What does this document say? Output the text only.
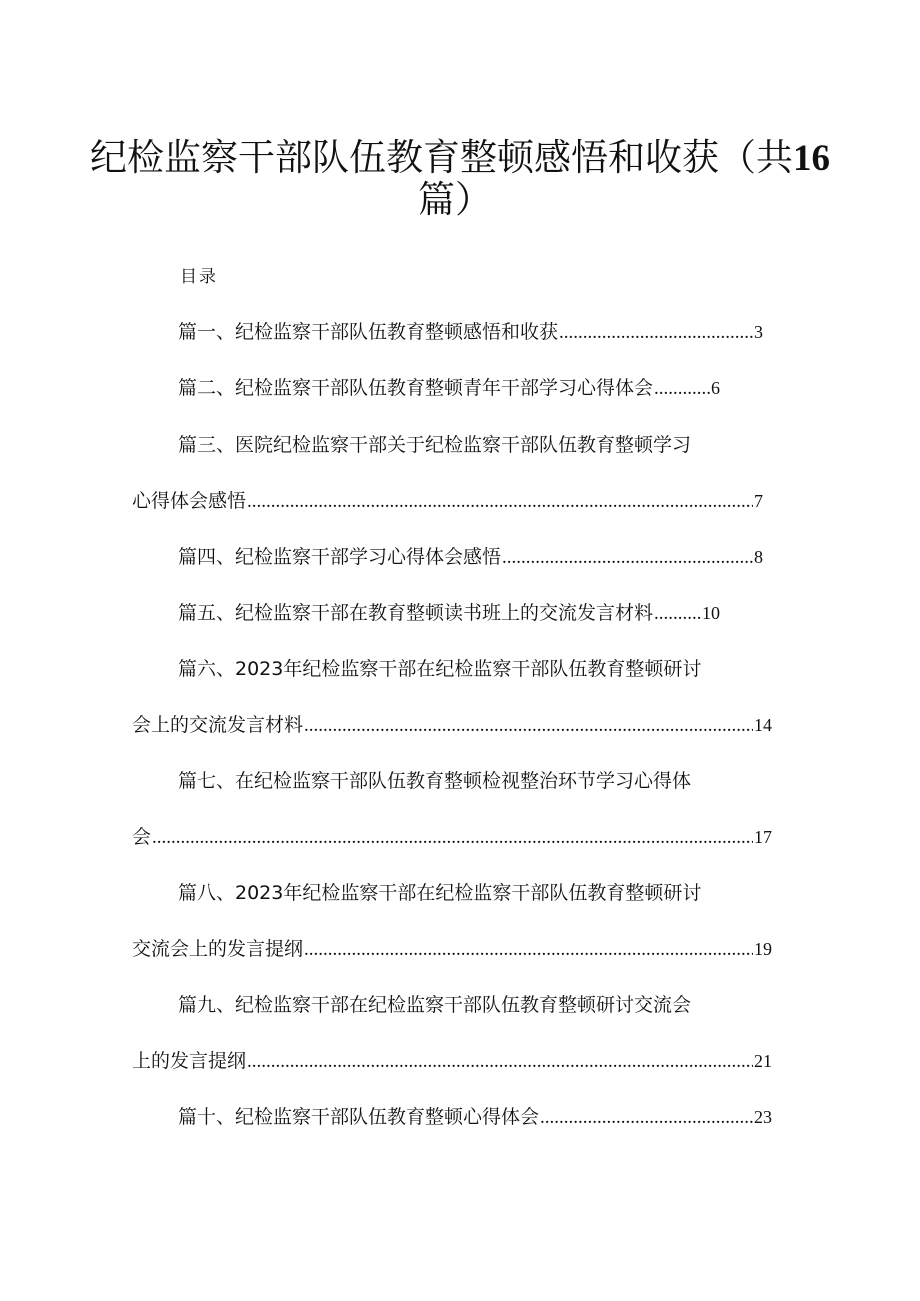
纪检监察干部队伍教育整顿感悟和收获（共16
篇）
目录
篇一、纪检监察干部队伍教育整顿感悟和收获 .....	3
篇二、纪检监察干部队伍教育整顿青年干部学习心得体会 .....	6
篇三、医院纪检监察干部关于纪检监察干部队伍教育整顿学习
心得体会感悟 .....	7
篇四、纪检监察干部学习心得体会感悟 .....	8
篇五、纪检监察干部在教育整顿读书班上的交流发言材料 .....	10
篇六、2023年纪检监察干部在纪检监察干部队伍教育整顿研讨
会上的交流发言材料 .....	14
篇七、在纪检监察干部队伍教育整顿检视整治环节学习心得体
会 .....	17
篇八、2023年纪检监察干部在纪检监察干部队伍教育整顿研讨
交流会上的发言提纲 .....	19
篇九、纪检监察干部在纪检监察干部队伍教育整顿研讨交流会
上的发言提纲 .....	21
篇十、纪检监察干部队伍教育整顿心得体会 .....	23
